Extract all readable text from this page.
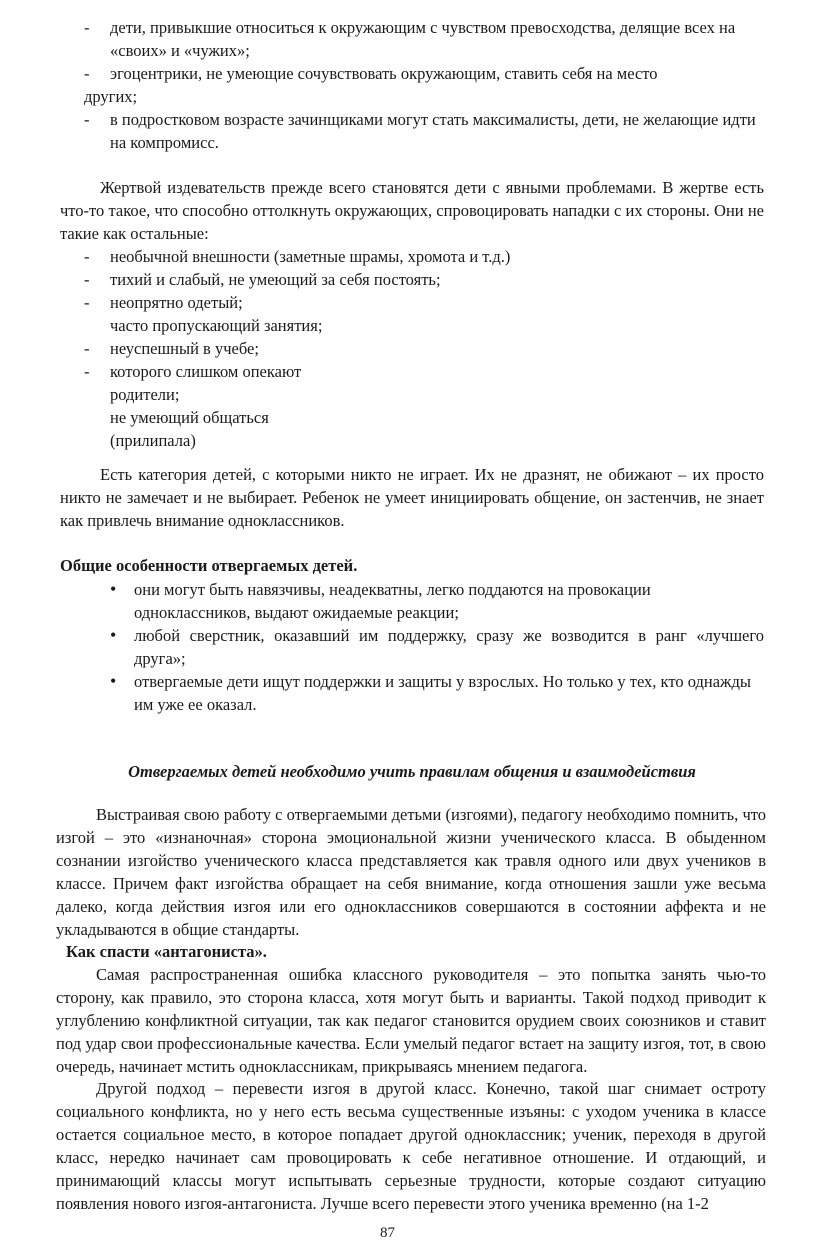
- дети, привыкшие относиться к окружающим с чувством превосходства, делящие всех на «своих» и «чужих»;
- эгоцентрики, не умеющие сочувствовать окружающим, ставить себя на место
других;
- в подростковом возрасте зачинщиками могут стать максималисты, дети, не желающие идти на компромисс.

Жертвой издевательств прежде всего становятся дети с явными проблемами. В жертве есть что-то такое, что способно оттолкнуть окружающих, спровоцировать нападки с их стороны. Они не такие как остальные:

- необычной внешности (заметные шрамы, хромота и т.д.)
- тихий и слабый, не умеющий за себя постоять;
- неопрятно одетый;
часто пропускающий занятия;
- неуспешный в учебе;
- которого слишком опекают
родители;
не умеющий общаться
(прилипала)

Есть категория детей, с которыми никто не играет. Их не дразнят, не обижают – их просто никто не замечает и не выбирает. Ребенок не умеет инициировать общение, он застенчив, не знает как привлечь внимание одноклассников.

Общие особенности отвергаемых детей.

• они могут быть навязчивы, неадекватны, легко поддаются на провокации
одноклассников, выдают ожидаемые реакции;
• любой сверстник, оказавший им поддержку, сразу же возводится в ранг «лучшего друга»;
• отвергаемые дети ищут поддержки и защиты у взрослых. Но только у тех, кто однажды
им уже ее оказал.

Отвергаемых детей необходимо учить правилам общения и взаимодействия

Выстраивая свою работу с отвергаемыми детьми (изгоями), педагогу необходимо помнить, что изгой – это «изнаночная» сторона эмоциональной жизни ученического класса. В обыденном сознании изгойство ученического класса представляется как травля одного или двух учеников в классе. Причем факт изгойства обращает на себя внимание, когда отношения зашли уже весьма далеко, когда действия изгоя или его одноклассников совершаются в состоянии аффекта и не укладываются в общие стандарты.

Как спасти «антагониста».

Самая распространенная ошибка классного руководителя – это попытка занять чью-то сторону, как правило, это сторона класса, хотя могут быть и варианты. Такой подход приводит к углублению конфликтной ситуации, так как педагог становится орудием своих союзников и ставит под удар свои профессиональные качества. Если умелый педагог встает на защиту изгоя, тот, в свою очередь, начинает мстить одноклассникам, прикрываясь мнением педагога.

Другой подход – перевести изгоя в другой класс. Конечно, такой шаг снимает остроту социального конфликта, но у него есть весьма существенные изъяны: с уходом ученика в классе остается социальное место, в которое попадает другой одноклассник; ученик, переходя в другой класс, нередко начинает сам провоцировать к себе негативное отношение. И отдающий, и принимающий классы могут испытывать серьезные трудности, которые создают ситуацию появления нового изгоя-антагониста. Лучше всего перевести этого ученика временно (на 1-2

87
